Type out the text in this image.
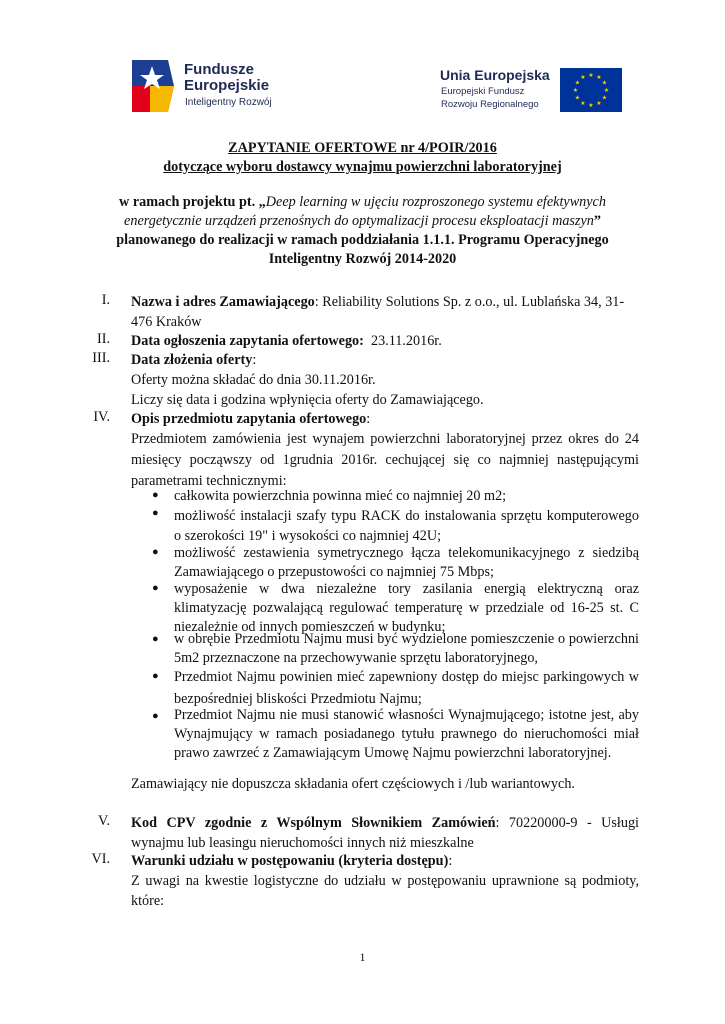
Fundusze
Europejskie
Inteligentny Rozwój
Unia Europejska
Europejski Fundusz
Rozwoju Regionalnego
★ ★
★
★
★
★
★
★
★
★
★
★
ZAPYTANIE OFERTOWE nr 4/POIR/2016
dotyczące wyboru dostawcy wynajmu powierzchni laboratoryjnej
w ramach projektu pt. „Deep learning w ujęciu rozproszonego systemu efektywnych
energetycznie urządzeń przenośnych do optymalizacji procesu eksploatacji maszyn”
planowanego do realizacji w ramach poddziałania 1.1.1. Programu Operacyjnego
Inteligentny Rozwój 2014-2020
I. Nazwa i adres Zamawiającego: Reliability Solutions Sp. z o.o., ul. Lublańska 34, 31-
476 Kraków
II. Data ogłoszenia zapytania ofertowego:  23.11.2016r.
III. Data złożenia oferty:
Oferty można składać do dnia 30.11.2016r.
Liczy się data i godzina wpłynięcia oferty do Zamawiającego.
IV. Opis przedmiotu zapytania ofertowego:
Przedmiotem zamówienia jest wynajem powierzchni laboratoryjnej przez okres do 24 miesięcy począwszy od 1grudnia 2016r. cechującej się co najmniej następującymi parametrami technicznymi:
● całkowita powierzchnia powinna mieć co najmniej 20 m2;
● możliwość instalacji szafy typu RACK do instalowania sprzętu komputerowego o szerokości 19" i wysokości co najmniej 42U;
● możliwość zestawienia symetrycznego łącza telekomunikacyjnego z siedzibą Zamawiającego o przepustowości co najmniej 75 Mbps;
● wyposażenie w dwa niezależne tory zasilania energią elektryczną oraz klimatyzację pozwalającą regulować temperaturę w przedziale od 16-25 st. C niezależnie od innych pomieszczeń w budynku;
● w obrębie Przedmiotu Najmu musi być wydzielone pomieszczenie o powierzchni 5m2 przeznaczone na przechowywanie sprzętu laboratoryjnego,
● Przedmiot Najmu powinien mieć zapewniony dostęp do miejsc parkingowych w bezpośredniej bliskości Przedmiotu Najmu;
● Przedmiot Najmu nie musi stanowić własności Wynajmującego; istotne jest, aby Wynajmujący w ramach posiadanego tytułu prawnego do nieruchomości miał prawo zawrzeć z Zamawiającym Umowę Najmu powierzchni laboratoryjnej.
Zamawiający nie dopuszcza składania ofert częściowych i /lub wariantowych.
V. Kod CPV zgodnie z Wspólnym Słownikiem Zamówień: 70220000-9 - Usługi wynajmu lub leasingu nieruchomości innych niż mieszkalne
VI. Warunki udziału w postępowaniu (kryteria dostępu):
Z uwagi na kwestie logistyczne do udziału w postępowaniu uprawnione są podmioty, które:
1
